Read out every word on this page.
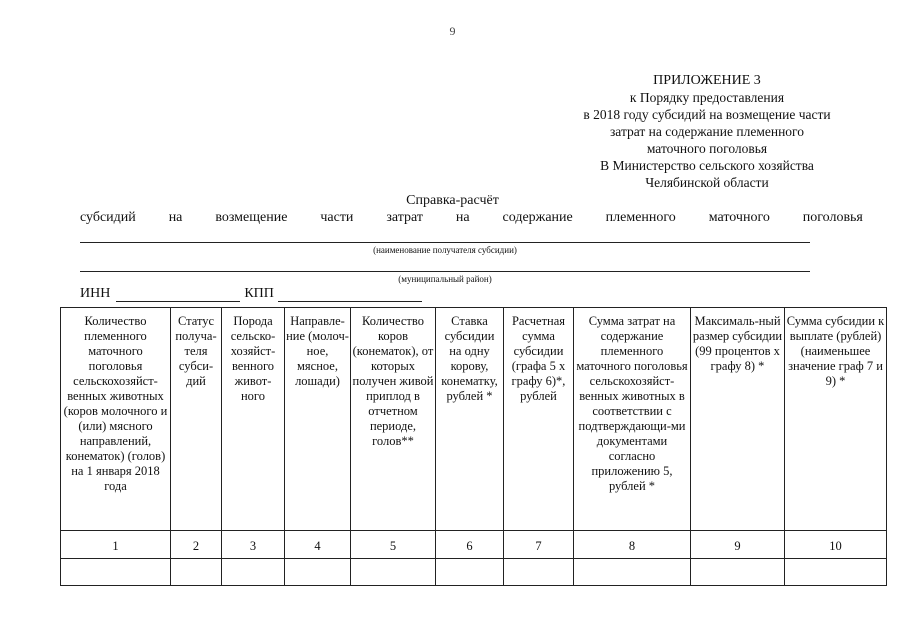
9
ПРИЛОЖЕНИЕ 3
к Порядку предоставления
в 2018 году субсидий на возмещение части
затрат на содержание племенного
маточного поголовья
В Министерство сельского хозяйства
Челябинской области
Справка-расчёт
субсидий на возмещение части затрат на содержание племенного маточного поголовья
(наименование получателя субсидии)
(муниципальный район)
ИНН	КПП
Количество племенного маточного поголовья сельскохозяйст-венных животных (коров молочного и (или) мясного направлений, конематок) (голов) на 1 января 2018 года	Статус получа-теля субси-дий	Порода сельско-хозяйст-венного живот-ного	Направле-ние (молоч-ное, мясное, лошади)	Количество коров (конематок), от которых получен живой приплод в отчетном периоде, голов**	Ставка субсидии на одну корову, конематку, рублей *	Расчетная сумма субсидии (графа 5 х графу 6)*, рублей	Сумма затрат на содержание племенного маточного поголовья сельскохозяйст-венных животных в соответствии с подтверждающи-ми документами согласно приложению 5, рублей *	Максималь-ный размер субсидии (99 процентов х графу 8) *	Сумма субсидии к выплате (рублей) (наименьшее значение граф 7 и 9) *
1	2	3	4	5	6	7	8	9	10
